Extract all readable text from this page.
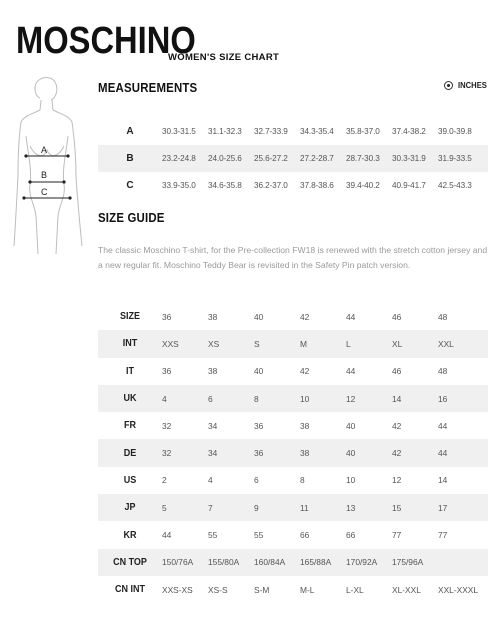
MOSCHINO
WOMEN'S SIZE CHART
A
B
C
MEASUREMENTS	INCHES
A	30.3-31.5	31.1-32.3	32.7-33.9	34.3-35.4	35.8-37.0	37.4-38.2	39.0-39.8
B	23.2-24.8	24.0-25.6	25.6-27.2	27.2-28.7	28.7-30.3	30.3-31.9	31.9-33.5
C	33.9-35.0	34.6-35.8	36.2-37.0	37.8-38.6	39.4-40.2	40.9-41.7	42.5-43.3
SIZE GUIDE
The classic Moschino T-shirt, for the Pre-collection FW18 is renewed with the stretch cotton jersey and a new regular fit. Moschino Teddy Bear is revisited in the Safety Pin patch version.
SIZE	36	38	40	42	44	46	48
INT	XXS	XS	S	M	L	XL	XXL
IT	36	38	40	42	44	46	48
UK	4	6	8	10	12	14	16
FR	32	34	36	38	40	42	44
DE	32	34	36	38	40	42	44
US	2	4	6	8	10	12	14
JP	5	7	9	11	13	15	17
KR	44	55	55	66	66	77	77
CN TOP	150/76A	155/80A	160/84A	165/88A	170/92A	175/96A
CN INT	XXS-XS	XS-S	S-M	M-L	L-XL	XL-XXL	XXL-XXXL
